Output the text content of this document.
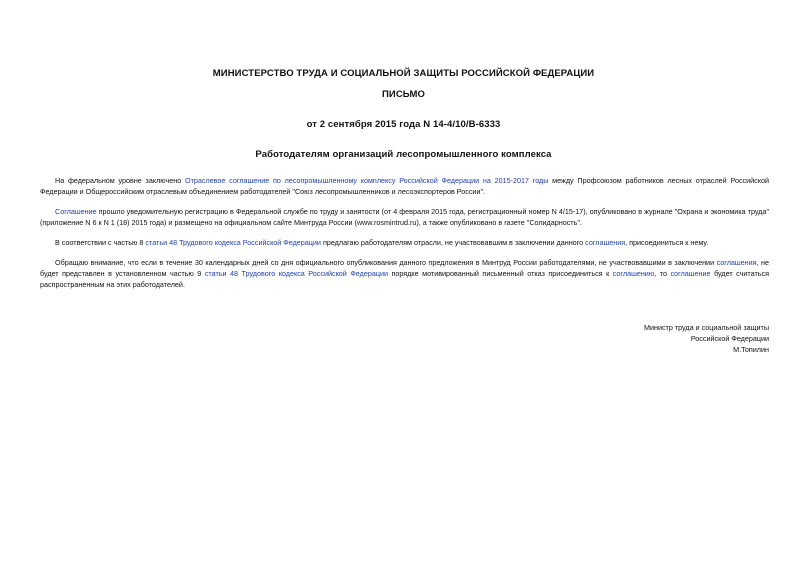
МИНИСТЕРСТВО ТРУДА И СОЦИАЛЬНОЙ ЗАЩИТЫ РОССИЙСКОЙ ФЕДЕРАЦИИ
ПИСЬМО
от 2 сентября 2015 года N 14-4/10/В-6333
Работодателям организаций лесопромышленного комплекса

На федеральном уровне заключено Отраслевое соглашение по лесопромышленному комплексу Российской Федерации на 2015-2017 годы между Профсоюзом работников лесных отраслей Российской Федерации и Общероссийским отраслевым объединением работодателей "Союз лесопромышленников и лесоэкспортеров России".

Соглашение прошло уведомительную регистрацию в Федеральной службе по труду и занятости (от 4 февраля 2015 года, регистрационный номер N 4/15-17), опубликовано в журнале "Охрана и экономика труда" (приложение N 6 к N 1 (18) 2015 года) и размещено на официальном сайте Минтруда России (www.rosmintrud.ru), а также опубликовано в газете "Солидарность".

В соответствии с частью 8 статьи 48 Трудового кодекса Российской Федерации предлагаю работодателям отрасли, не участвовавшим в заключении данного соглашения, присоединиться к нему.

Обращаю внимание, что если в течение 30 календарных дней со дня официального опубликования данного предложения в Минтруд России работодателями, не участвовавшими в заключении соглашения, не будет представлен в установленном частью 9 статьи 48 Трудового кодекса Российской Федерации порядке мотивированный письменный отказ присоединиться к соглашению, то соглашение будет считаться распространенным на этих работодателей.

Министр труда и социальной защиты
Российской Федерации
М.Топилин
